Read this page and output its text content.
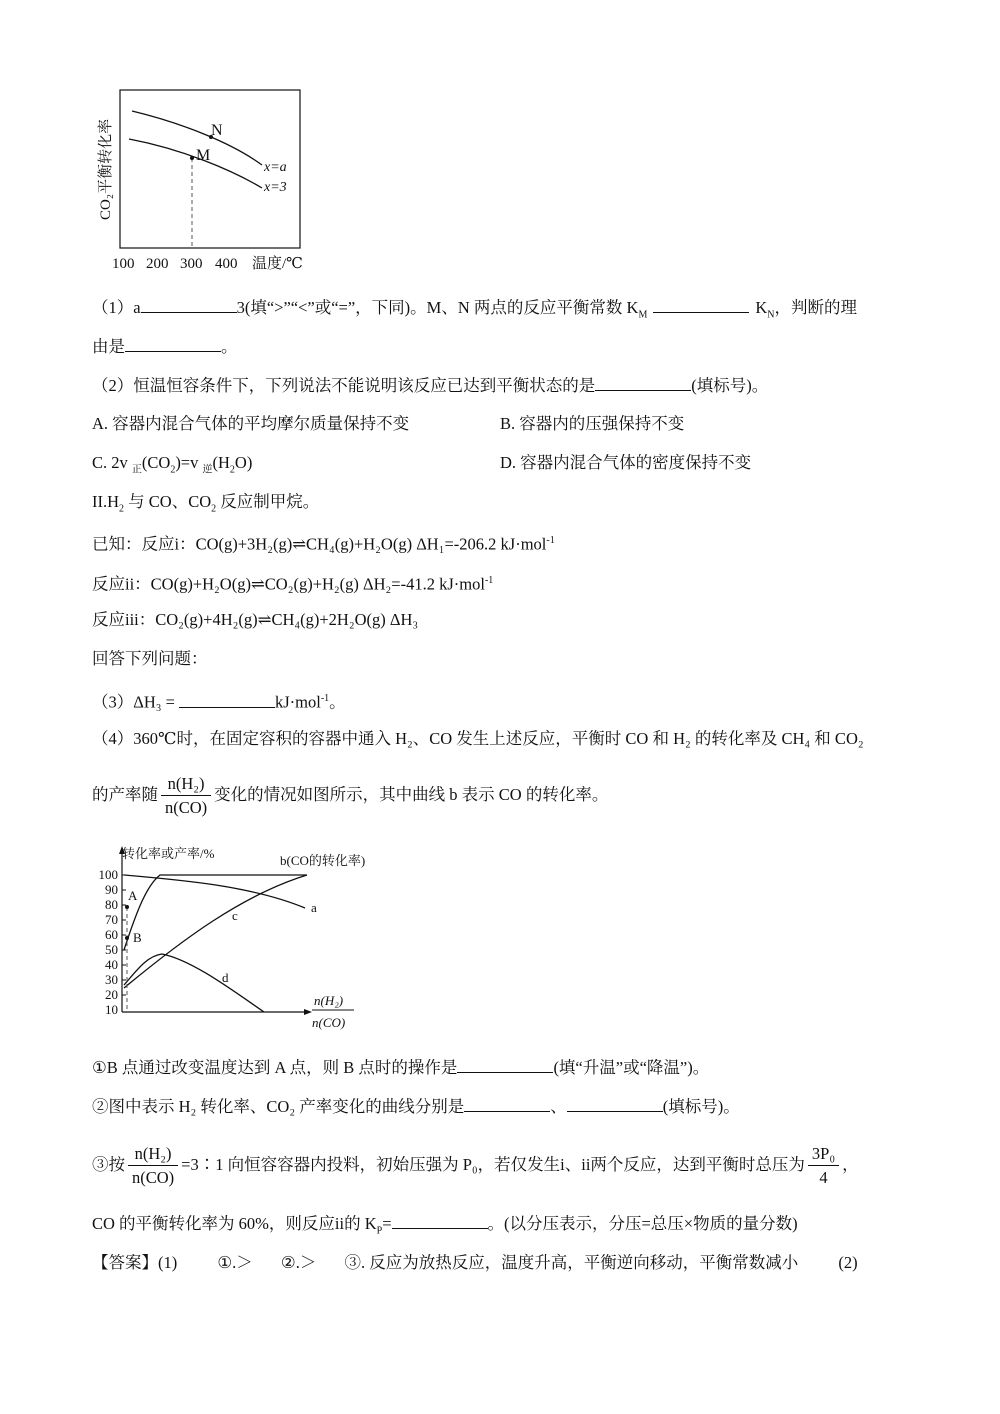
N
M
x=a
x=3
CO₂平衡转化率
100 200 300 400 温度/℃
（1）a	3(填“>”“<”或“=”，下同)。M、N 两点的反应平衡常数 $K_M$	$K_N$，判断的理
由是	。
（2）恒温恒容条件下，下列说法不能说明该反应已达到平衡状态的是	(填标号)。
A. 容器内混合气体的平均摩尔质量保持不变	B. 容器内的压强保持不变
C. 2v $_正(CO_2)=v$ $_逆(H_2O)$	D. 容器内混合气体的密度保持不变
$II.H_2$ 与 CO、$CO_2$ 反应制甲烷。
已知：反应i：CO(g)+3H₂(g)⇌CH₄(g)+H₂O(g) ΔH₁=-206.2 kJ·mol$^{-1}$
反应ii：CO(g)+H₂O(g)⇌CO₂(g)+H₂(g) ΔH₂=-41.2 kJ·mol$^{-1}$
反应iii：CO₂(g)+4H₂(g)⇌CH₄(g)+2H₂O(g) ΔH₃
回答下列问题：
（3）ΔH₃ =	kJ·mol$^{-1}$。
（4）360℃时，在固定容积的容器中通入 H₂、CO 发生上述反应，平衡时 CO 和 H₂ 的转化率及 CH₄ 和 CO₂
的产率随 $\frac{\text{n(H₂)}}{n(CO)}$ 变化的情况如图所示，其中曲线 b 表示 CO 的转化率。
100
90
80
70
60
50
40
30
20
10
转化率或产率/%	b(CO的转化率)
A
B
a
c
d
n(H₂)
n(CO)
①B 点通过改变温度达到 A 点，则 B 点时的操作是	(填“升温”或“降温”)。
②图中表示 H₂ 转化率、CO₂ 产率变化的曲线分别是	、	(填标号)。
③按 $\frac{\text{n(H₂)}}{n(CO)}$ =3∶1 向恒容容器内投料，初始压强为 P₀，若仅发生i、ii两个反应，达到平衡时总压为 $\frac{\text{3P₀}}{4}$ ，
CO 的平衡转化率为 60%，则反应ii的 $K_P=$	。(以分压表示，分压=总压×物质的量分数)
【答案】(1) ①.＞ ②.＞ ③. 反应为放热反应，温度升高，平衡逆向移动，平衡常数减小 (2)
